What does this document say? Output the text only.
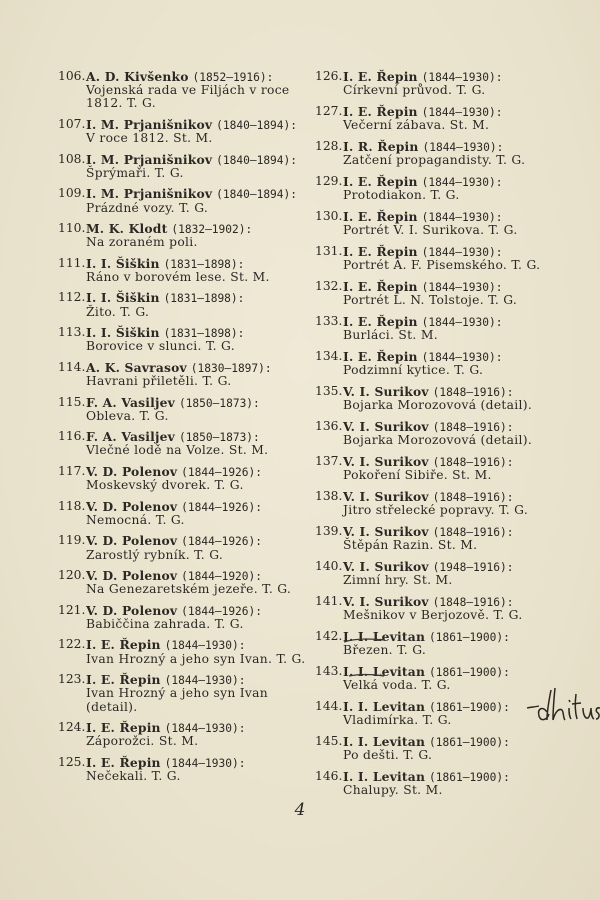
106. A. D. Kivšenko (1852—1916):
Vojenská rada ve Filjách v roce 1812. T. G.
107. I. M. Prjanišnikov (1840—1894):
V roce 1812. St. M.
108. I. M. Prjanišnikov (1840—1894):
Šprýmaři. T. G.
109. I. M. Prjanišnikov (1840—1894):
Prázdné vozy. T. G.
110. M. K. Klodt (1832—1902):
Na zoraném poli.
111. I. I. Šiškin (1831—1898):
Ráno v borovém lese. St. M.
112. I. I. Šiškin (1831—1898):
Žito. T. G.
113. I. I. Šiškin (1831—1898):
Borovice v slunci. T. G.
114. A. K. Savrasov (1830—1897):
Havrani přiletěli. T. G.
115. F. A. Vasiljev (1850—1873):
Obleva. T. G.
116. F. A. Vasiljev (1850—1873):
Vlečné lodě na Volze. St. M.
117. V. D. Polenov (1844—1926):
Moskevský dvorek. T. G.
118. V. D. Polenov (1844—1926):
Nemocná. T. G.
119. V. D. Polenov (1844—1926):
Zarostlý rybník. T. G.
120. V. D. Polenov (1844—1920):
Na Genezaretském jezeře. T. G.
121. V. D. Polenov (1844—1926):
Babiččina zahrada. T. G.
122. I. E. Řepin (1844—1930):
Ivan Hrozný a jeho syn Ivan. T. G.
123. I. E. Řepin (1844—1930):
Ivan Hrozný a jeho syn Ivan (detail).
124. I. E. Řepin (1844—1930):
Záporožci. St. M.
125. I. E. Řepin (1844—1930):
Nečekali. T. G.
126. I. E. Řepin (1844—1930):
Církevní průvod. T. G.
127. I. E. Řepin (1844—1930):
Večerní zábava. St. M.
128. I. R. Řepin (1844—1930):
Zatčení propagandisty. T. G.
129. I. E. Řepin (1844—1930):
Protodiakon. T. G.
130. I. E. Řepin (1844—1930):
Portrét V. I. Surikova. T. G.
131. I. E. Řepin (1844—1930):
Portrét A. F. Pisemského. T. G.
132. I. E. Řepin (1844—1930):
Portrét L. N. Tolstoje. T. G.
133. I. E. Řepin (1844—1930):
Burláci. St. M.
134. I. E. Řepin (1844—1930):
Podzimní kytice. T. G.
135. V. I. Surikov (1848—1916):
Bojarka Morozovová (detail).
136. V. I. Surikov (1848—1916):
Bojarka Morozovová (detail).
137. V. I. Surikov (1848—1916):
Pokoření Sibiře. St. M.
138. V. I. Surikov (1848—1916):
Jitro střelecké popravy. T. G.
139. V. I. Surikov (1848—1916):
Štěpán Razin. St. M.
140. V. I. Surikov (1948—1916):
Zimní hry. St. M.
141. V. I. Surikov (1848—1916):
Mešnikov v Berjozově. T. G.
142. I. I. Levitan (1861—1900):
Březen. T. G.
143. I. I. Levitan (1861—1900):
Velká voda. T. G.
144. I. I. Levitan (1861—1900):
Vladimírka. T. G.
145. I. I. Levitan (1861—1900):
Po dešti. T. G.
146. I. I. Levitan (1861—1900):
Chalupy. St. M.
4
